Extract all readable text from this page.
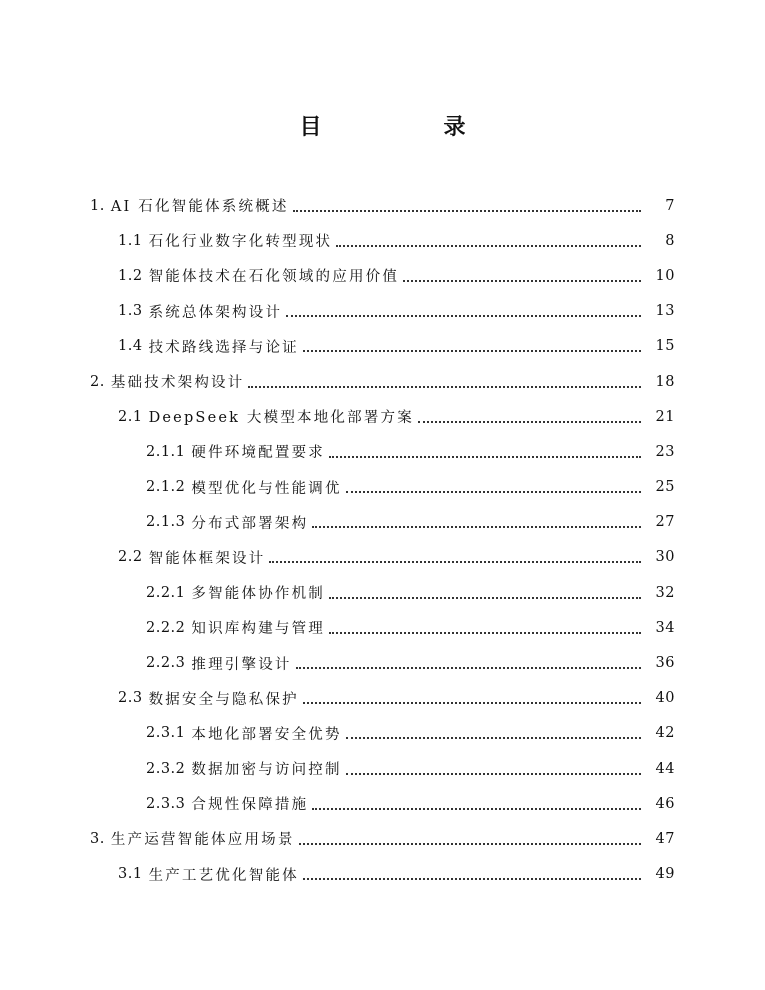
目　录
1. AI 石化智能体系统概述	7
1.1 石化行业数字化转型现状	8
1.2 智能体技术在石化领域的应用价值	10
1.3 系统总体架构设计	13
1.4 技术路线选择与论证	15
2. 基础技术架构设计	18
2.1 DeepSeek 大模型本地化部署方案	21
2.1.1 硬件环境配置要求	23
2.1.2 模型优化与性能调优	25
2.1.3 分布式部署架构	27
2.2 智能体框架设计	30
2.2.1 多智能体协作机制	32
2.2.2 知识库构建与管理	34
2.2.3 推理引擎设计	36
2.3 数据安全与隐私保护	40
2.3.1 本地化部署安全优势	42
2.3.2 数据加密与访问控制	44
2.3.3 合规性保障措施	46
3. 生产运营智能体应用场景	47
3.1 生产工艺优化智能体	49
